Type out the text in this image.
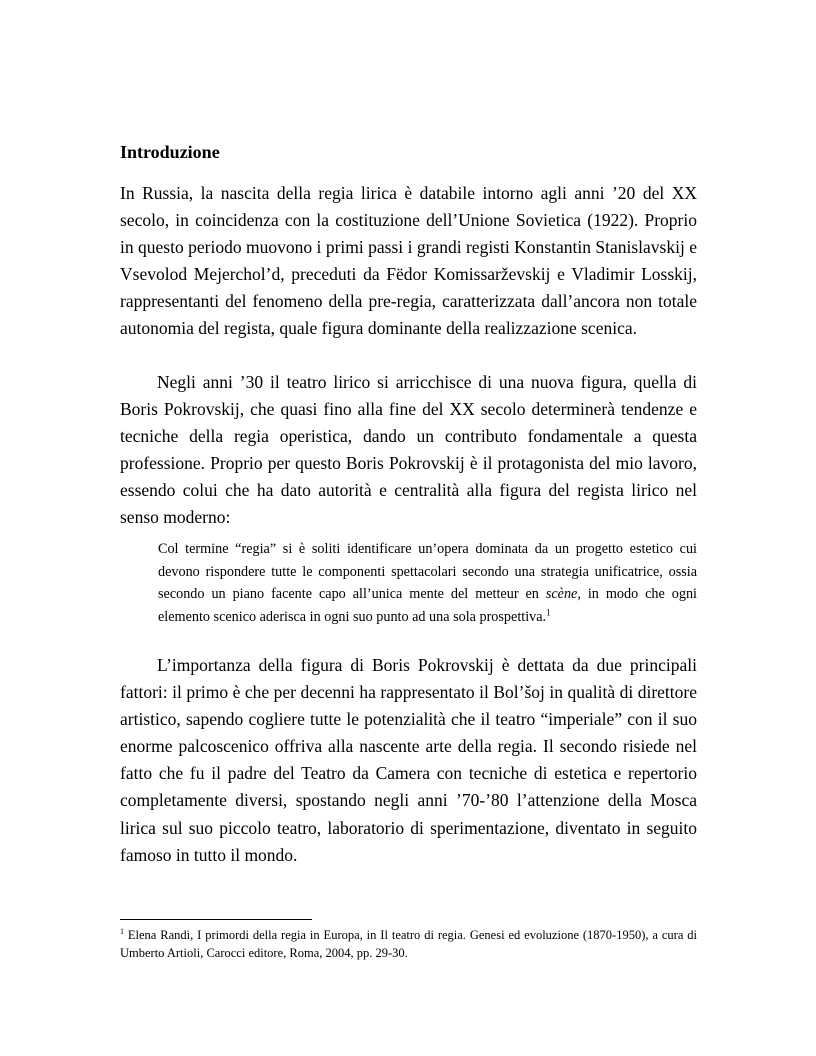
Introduzione

In Russia, la nascita della regia lirica è databile intorno agli anni ’20 del XX secolo, in coincidenza con la costituzione dell’Unione Sovietica (1922). Proprio in questo periodo muovono i primi passi i grandi registi Konstantin Stanislavskij e Vsevolod Mejerchol’d, preceduti da Fëdor Komissarževskij e Vladimir Losskij, rappresentanti del fenomeno della pre-regia, caratterizzata dall’ancora non totale autonomia del regista, quale figura dominante della realizzazione scenica.

Negli anni ’30 il teatro lirico si arricchisce di una nuova figura, quella di Boris Pokrovskij, che quasi fino alla fine del XX secolo determinerà tendenze e tecniche della regia operistica, dando un contributo fondamentale a questa professione. Proprio per questo Boris Pokrovskij è il protagonista del mio lavoro, essendo colui che ha dato autorità e centralità alla figura del regista lirico nel senso moderno:

Col termine “regia” si è soliti identificare un’opera dominata da un progetto estetico cui devono rispondere tutte le componenti spettacolari secondo una strategia unificatrice, ossia secondo un piano facente capo all’unica mente del metteur en scène, in modo che ogni elemento scenico aderisca in ogni suo punto ad una sola prospettiva.$^1$

L’importanza della figura di Boris Pokrovskij è dettata da due principali fattori: il primo è che per decenni ha rappresentato il Bol’šoj in qualità di direttore artistico, sapendo cogliere tutte le potenzialità che il teatro “imperiale” con il suo enorme palcoscenico offriva alla nascente arte della regia. Il secondo risiede nel fatto che fu il padre del Teatro da Camera con tecniche di estetica e repertorio completamente diversi, spostando negli anni ’70-’80 l’attenzione della Mosca lirica sul suo piccolo teatro, laboratorio di sperimentazione, diventato in seguito famoso in tutto il mondo.

$^1$ Elena Randi, I primordi della regia in Europa, in Il teatro di regia. Genesi ed evoluzione (1870-1950), a cura di Umberto Artioli, Carocci editore, Roma, 2004, pp. 29-30.
